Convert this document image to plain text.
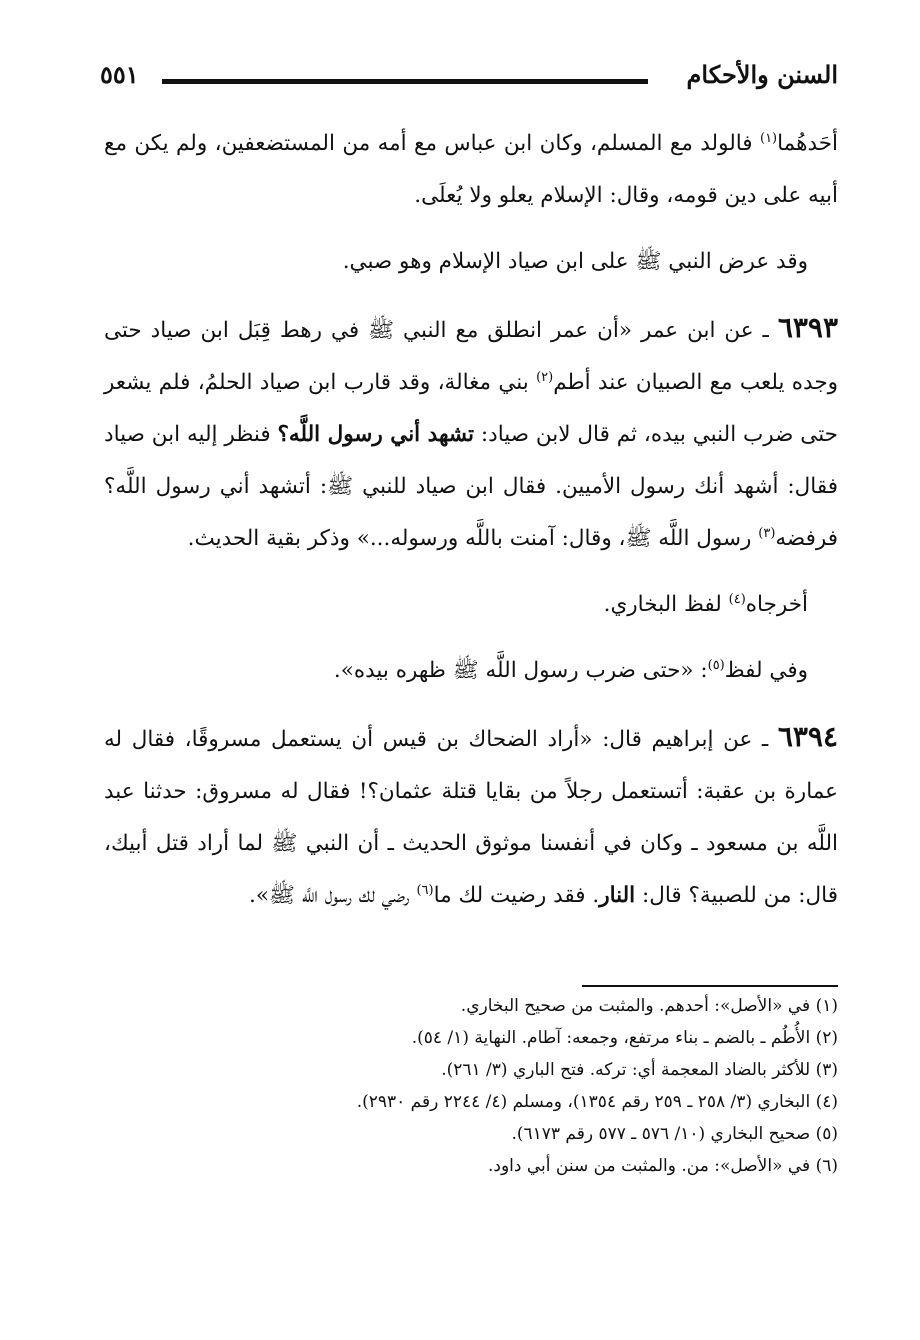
السنن والأحكام
٥٥١

أحَدهُما$^{(١)}$ فالولد مع المسلم، وكان ابن عباس مع أمه من المستضعفين، ولم يكن مع أبيه على دين قومه، وقال: الإسلام يعلو ولا يُعلَى.

وقد عرض النبي ﷺ على ابن صياد الإسلام وهو صبي.

٦٣٩٣ ـ عن ابن عمر «أن عمر انطلق مع النبي ﷺ في رهط قِبَل ابن صياد حتى وجده يلعب مع الصبيان عند أطم$^{(٢)}$ بني مغالة، وقد قارب ابن صياد الحلمُ، فلم يشعر حتى ضرب النبي بيده، ثم قال لابن صياد: تشهد أني رسول اللَّه؟ فنظر إليه ابن صياد فقال: أشهد أنك رسول الأميين. فقال ابن صياد للنبي ﷺ: أتشهد أني رسول اللَّه؟ فرفضه$^{(٣)}$ رسول اللَّه ﷺ، وقال: آمنت باللَّه ورسوله...» وذكر بقية الحديث.

أخرجاه$^{(٤)}$ لفظ البخاري.

وفي لفظ$^{(٥)}$: «حتى ضرب رسول اللَّه ﷺ ظهره بيده».

٦٣٩٤ ـ عن إبراهيم قال: «أراد الضحاك بن قيس أن يستعمل مسروقًا، فقال له عمارة بن عقبة: أتستعمل رجلاً من بقايا قتلة عثمان؟! فقال له مسروق: حدثنا عبد اللَّه بن مسعود ـ وكان في أنفسنا موثوق الحديث ـ أن النبي ﷺ لما أراد قتل أبيك، قال: من للصبية؟ قال: النار. فقد رضيت لك ما$^{(٦)}$ رضي لك رسول اللَّه ﷺ».

(١) في «الأصل»: أحدهم. والمثبت من صحيح البخاري.
(٢) الأُطُم ـ بالضم ـ بناء مرتفع، وجمعه: آطام. النهاية (١/ ٥٤).
(٣) للأكثر بالضاد المعجمة أي: تركه. فتح الباري (٣/ ٢٦١).
(٤) البخاري (٣/ ٢٥٨ ـ ٢٥٩ رقم ١٣٥٤)، ومسلم (٤/ ٢٢٤٤ رقم ٢٩٣٠).
(٥) صحيح البخاري (١٠/ ٥٧٦ ـ ٥٧٧ رقم ٦١٧٣).
(٦) في «الأصل»: من. والمثبت من سنن أبي داود.
